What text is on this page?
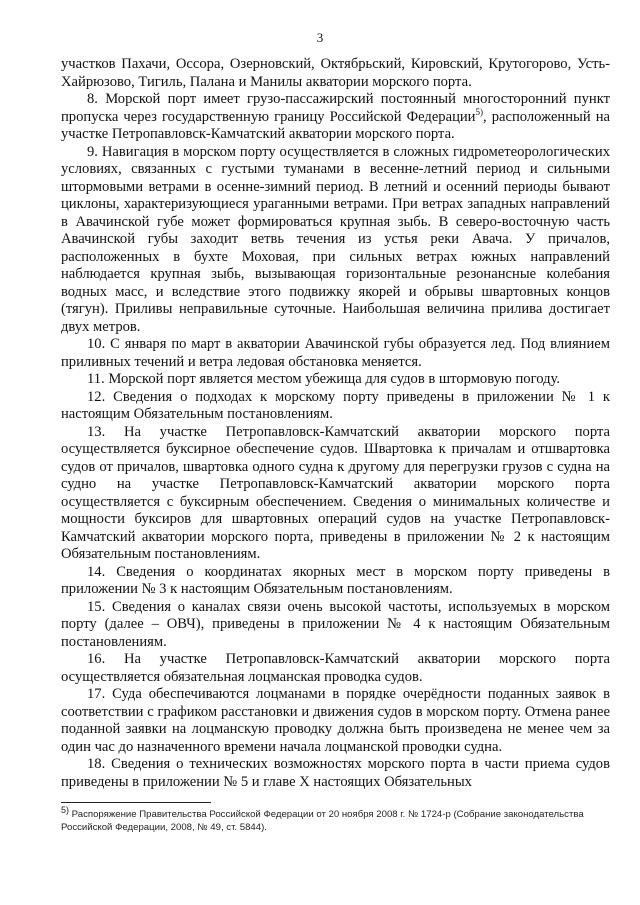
3

участков Пахачи, Оссора, Озерновский, Октябрьский, Кировский, Крутогорово, Усть-Хайрюзово, Тигиль, Палана и Манилы акватории морского порта.

8. Морской порт имеет грузо-пассажирский постоянный многосторонний пункт пропуска через государственную границу Российской Федерации$^{5)}$, расположенный на участке Петропавловск-Камчатский акватории морского порта.

9. Навигация в морском порту осуществляется в сложных гидрометеорологических условиях, связанных с густыми туманами в весенне-летний период и сильными штормовыми ветрами в осенне-зимний период. В летний и осенний периоды бывают циклоны, характеризующиеся ураганными ветрами. При ветрах западных направлений в Авачинской губе может формироваться крупная зыбь. В северо-восточную часть Авачинской губы заходит ветвь течения из устья реки Авача. У причалов, расположенных в бухте Моховая, при сильных ветрах южных направлений наблюдается крупная зыбь, вызывающая горизонтальные резонансные колебания водных масс, и вследствие этого подвижку якорей и обрывы швартовных концов (тягун). Приливы неправильные суточные. Наибольшая величина прилива достигает двух метров.

10. С января по март в акватории Авачинской губы образуется лед. Под влиянием приливных течений и ветра ледовая обстановка меняется.

11. Морской порт является местом убежища для судов в штормовую погоду.

12. Сведения о подходах к морскому порту приведены в приложении № 1 к настоящим Обязательным постановлениям.

13. На участке Петропавловск-Камчатский акватории морского порта осуществляется буксирное обеспечение судов. Швартовка к причалам и отшвартовка судов от причалов, швартовка одного судна к другому для перегрузки грузов с судна на судно на участке Петропавловск-Камчатский акватории морского порта осуществляется с буксирным обеспечением. Сведения о минимальных количестве и мощности буксиров для швартовных операций судов на участке Петропавловск-Камчатский акватории морского порта, приведены в приложении № 2 к настоящим Обязательным постановлениям.

14. Сведения о координатах якорных мест в морском порту приведены в приложении № 3 к настоящим Обязательным постановлениям.

15. Сведения о каналах связи очень высокой частоты, используемых в морском порту (далее – ОВЧ), приведены в приложении № 4 к настоящим Обязательным постановлениям.

16. На участке Петропавловск-Камчатский акватории морского порта осуществляется обязательная лоцманская проводка судов.

17. Суда обеспечиваются лоцманами в порядке очерёдности поданных заявок в соответствии с графиком расстановки и движения судов в морском порту. Отмена ранее поданной заявки на лоцманскую проводку должна быть произведена не менее чем за один час до назначенного времени начала лоцманской проводки судна.

18. Сведения о технических возможностях морского порта в части приема судов приведены в приложении № 5 и главе X настоящих Обязательных

$^{5)}$ Распоряжение Правительства Российской Федерации от 20 ноября 2008 г. № 1724-р (Собрание законодательства Российской Федерации, 2008, № 49, ст. 5844).
